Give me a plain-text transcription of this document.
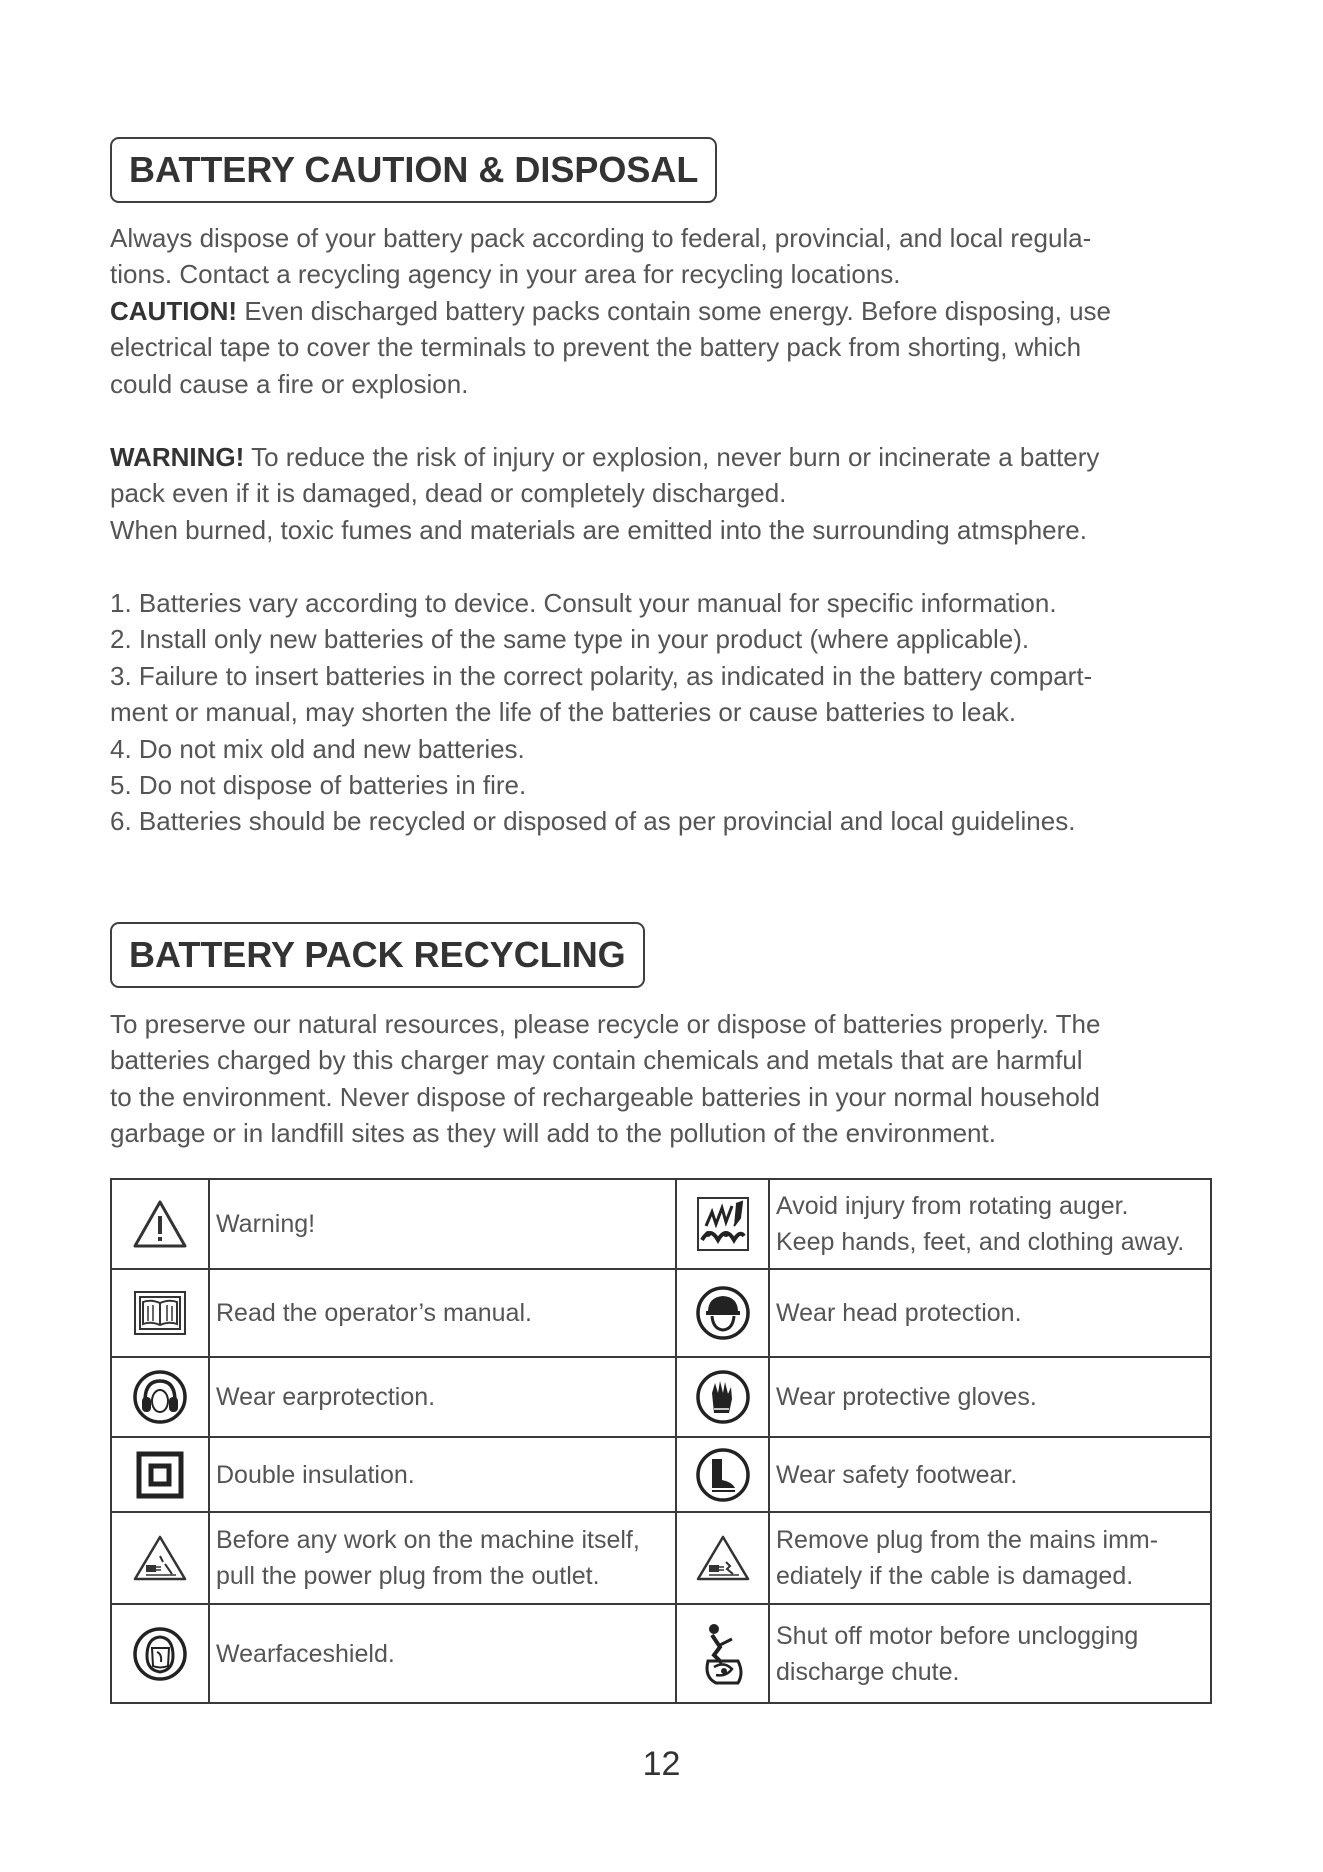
BATTERY CAUTION & DISPOSAL

Always dispose of your battery pack according to federal, provincial, and local regula-

tions. Contact a recycling agency in your area for recycling locations.

CAUTION! Even discharged battery packs contain some energy. Before disposing, use

electrical tape to cover the terminals to prevent the battery pack from shorting, which

could cause a fire or explosion.

WARNING! To reduce the risk of injury or explosion, never burn or incinerate a battery

pack even if it is damaged, dead or completely discharged.

When burned, toxic fumes and materials are emitted into the surrounding atmsphere.

1. Batteries vary according to device. Consult your manual for specific information.

2. Install only new batteries of the same type in your product (where applicable).

3. Failure to insert batteries in the correct polarity, as indicated in the battery compart-

ment or manual, may shorten the life of the batteries or cause batteries to leak.

4. Do not mix old and new batteries.

5. Do not dispose of batteries in fire.

6. Batteries should be recycled or disposed of as per provincial and local guidelines.

BATTERY PACK RECYCLING

To preserve our natural resources, please recycle or dispose of batteries properly. The

batteries charged by this charger may contain chemicals and metals that are harmful

to the environment. Never dispose of rechargeable batteries in your normal household

garbage or in landfill sites as they will add to the pollution of the environment.

Warning!		Avoid injury from rotating auger.
Keep hands, feet, and clothing away.

Read the operator’s manual.		Wear head protection.

Wear earprotection.		Wear protective gloves.

Double insulation.		Wear safety footwear.

Before any work on the machine itself,
pull the power plug from the outlet.		Remove plug from the mains imm-
ediately if the cable is damaged.

Wearfaceshield.		Shut off motor before unclogging
discharge chute.
12
